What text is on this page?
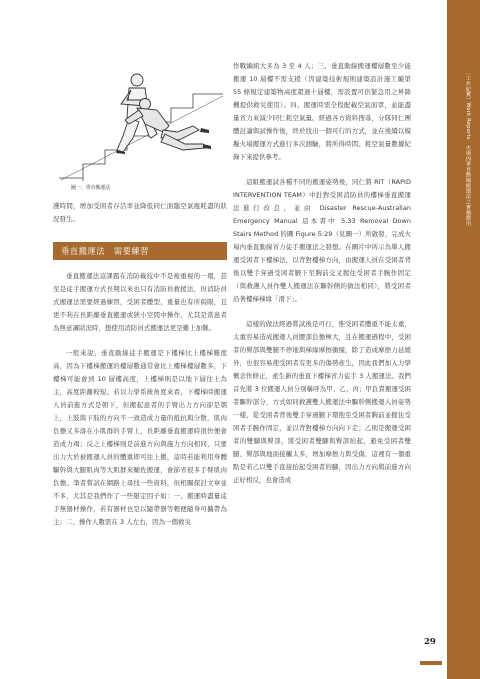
圖一、垂直搬運法

護時間，增加受困者存活率並降低同仁面臨空氣瓶耗盡的狀況發生。

垂直搬運法　需要練習

垂直搬運法這課題在消防載技中不是被重視的一環，甚至是徒手搬運方式長期以來也只有消防員救援法，但消防員式搬運法需要經過練習，受困者體型、重量也有所侷限，且更不利在長距離垂直搬運或狹小空間中操作，尤其是當患者為無意識狀況時，想使用消防員式搬運法更是難上加難。

一般來說，垂直動線徒手搬運是下樓梯比上樓梯難度高，因為下樓梯搬運的樓層數通常會比上樓梯樓層數多，下樓梯可能會到 10 層樓高度，上樓梯則是以地下層往上為主，高度距離較短。若以力學系統角度來看，下樓梯時搬運人員前進方式是朝下，但搬起患者的手臂出力方向卻是朝上，上肢與下肢的方向不一致造成力量的抵抗與分散，肌肉負擔又多落在小肌群的手臂上，長距離垂直搬運時很快便會造成力竭；反之上樓梯則是前進方向與施力方向相同，只要出力大於被搬運人員的體重即可往上搬，這時若能利用身體驅幹與大腿肌肉等大肌群來輔佐搬運，會節省很多手臂肌肉負擔。筆者嘗試在網路上尋找一些資料，但相關探討文章並不多，尤其是我們作了一些限定因子如：一、搬運時盡量徒手無器材操作，若有器材也是以隨帶器等輕便隨身可攜帶為主；二、操作人數需在 3 人左右，因為一個救災

作戰編組大多為 3 至 4 人；三、垂直動線搬運樓層數至少能搬運 10 層樓不需支援（因建築技術規則建築設計施工編第 55 條規定建築物高度超過十層樓，需設置可供緊急用之昇降機提供救災使用）。四、搬運時需全程配載空氣面罩，並能盡量省力來減少同仁耗空氣量。經過各方資料搜尋，分隊同仁團體討論與試操作後，終於找出一個可行的方式，並在後續以模擬火場搬運方式進行多次測驗，將所得時間、耗空氣量數據紀錄下來提供參考。

這組搬運試各種不同的搬運姿勢後，同仁將 RIT（RAPID INTERVENTION TEAM）中針對受困消防員的樓梯垂直搬運法進行改良，並由 Disaster Rescue-Australian Emergency Manual 這本書中 5.33 Removal Down Stairs Method 的圖 Figure 5:29（見圖一）所啟發，完成火場內垂直動線省力徒手搬運法之發想。在圖片中所示為單人搬運受困者下樓梯法，以背對樓梯方向，由搬運人員在受困者背後以雙手穿過受困者腋下至胸前交叉握住受困者手腕作固定（與救護人員作雙人搬運法在驅幹側的做法相同），將受困者沿著樓梯梯緣「滑下」。

這樣的做法經過嘗試後是可行，惟受困者體重不能太重，太重容易造成搬運人員腰部負擔極大，且在搬運過程中，受困者的臀部與雙腿不停地與梯緣摩擦衝撞，除了造成摩擦力延緩外，也很容易使受困者有更多的傷勢產生，因此我們加入力學概念作修正，產生新的垂直下樓梯省力徒手 3 人搬運法。我們首先將 3 位搬運人員分別稱呼為甲、乙、丙；甲負責搬運受困者驅幹部分，方式如同救護雙人搬運法中驅幹側搬運人員姿勢一樣，從受困者背後雙手穿過腋下環抱至受困者胸前並握住受困者手腕作固定，並以背對樓梯方向向下走；乙則是搬運受困者的雙腳與臀部，將受困者雙腳與臀部抬起，避免受困者雙腿、臀部與地面接觸太多，增加摩擦力與受傷，這裡有一個重點是若乙以雙手直接抬起受困者的腳，因出力方向與前進方向正好相反，也會造成

〔工作紀實〕Work Reports　火場內垂直動線搬運法之實務應用
29
